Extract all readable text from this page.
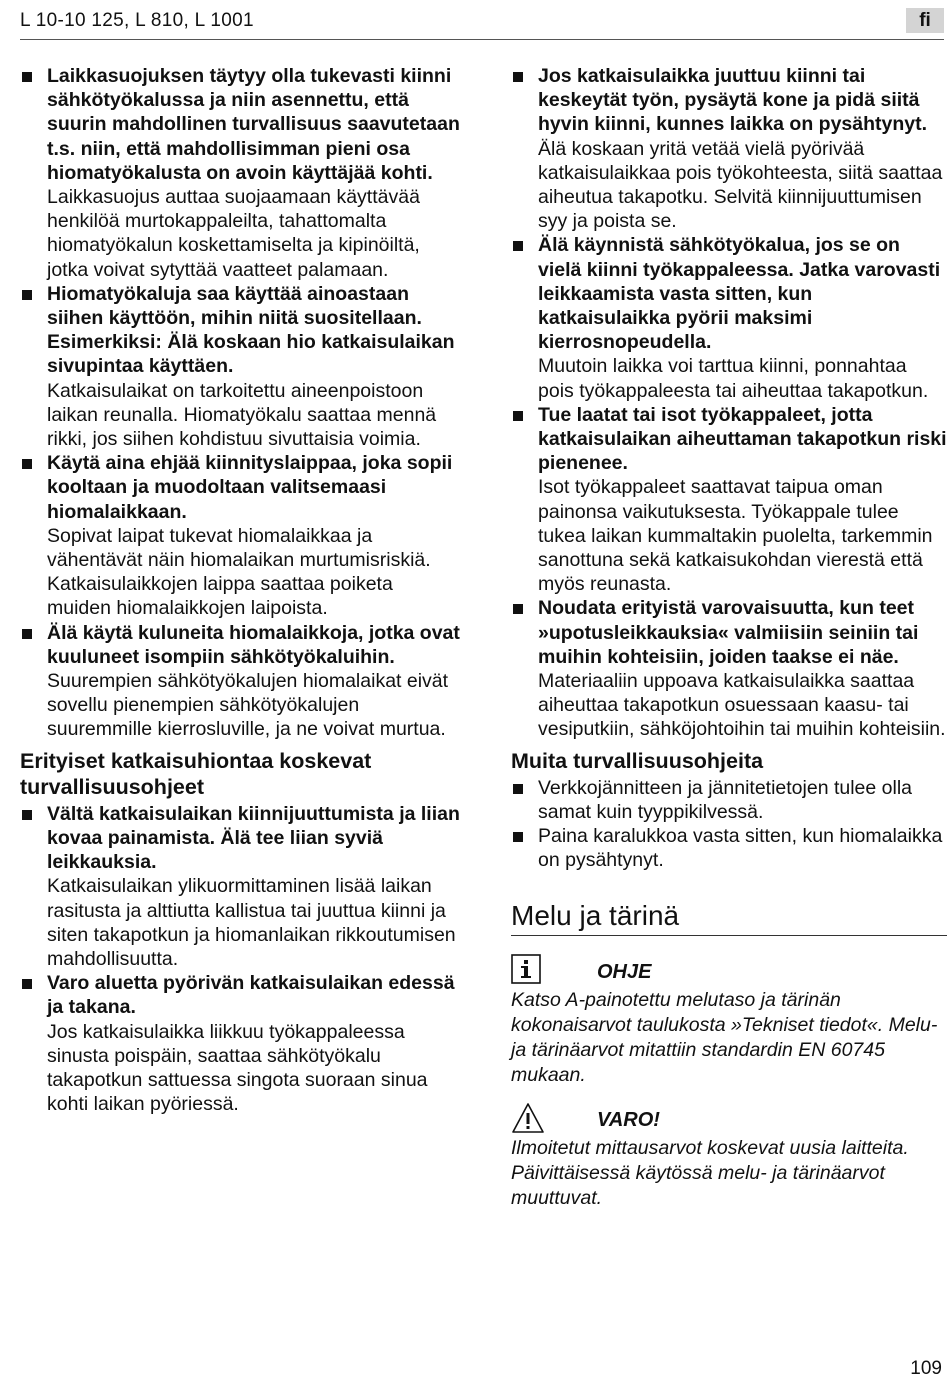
L 10-10 125, L 810, L 1001	fi
Laikkasuojuksen täytyy olla tukevasti kiinni sähkötyökalussa ja niin asennettu, että suurin mahdollinen turvallisuus saavutetaan t.s. niin, että mahdollisimman pieni osa hiomatyökalusta on avoin käyttäjää kohti.
Laikkasuojus auttaa suojaamaan käyttävää henkilöä murtokappaleilta, tahattomalta hiomatyökalun koskettamiselta ja kipinöiltä, jotka voivat sytyttää vaatteet palamaan.
Hiomatyökaluja saa käyttää ainoastaan siihen käyttöön, mihin niitä suositellaan. Esimerkiksi: Älä koskaan hio katkaisulaikan sivupintaa käyttäen.
Katkaisulaikat on tarkoitettu aineenpoistoon laikan reunalla. Hiomatyökalu saattaa mennä rikki, jos siihen kohdistuu sivuttaisia voimia.
Käytä aina ehjää kiinnityslaippaa, joka sopii kooltaan ja muodoltaan valitsemaasi hiomalaikkaan.
Sopivat laipat tukevat hiomalaikkaa ja vähentävät näin hiomalaikan murtumisriskiä. Katkaisulaikkojen laippa saattaa poiketa muiden hiomalaikkojen laipoista.
Älä käytä kuluneita hiomalaikkoja, jotka ovat kuuluneet isompiin sähkötyökaluihin.
Suurempien sähkötyökalujen hiomalaikat eivät sovellu pienempien sähkötyökalujen suuremmille kierrosluville, ja ne voivat murtua.
Erityiset katkaisuhiontaa koskevat turvallisuusohjeet
Vältä katkaisulaikan kiinnijuuttumista ja liian kovaa painamista. Älä tee liian syviä leikkauksia.
Katkaisulaikan ylikuormittaminen lisää laikan rasitusta ja alttiutta kallistua tai juuttua kiinni ja siten takapotkun ja hiomanlaikan rikkoutumisen mahdollisuutta.
Varo aluetta pyörivän katkaisulaikan edessä ja takana.
Jos katkaisulaikka liikkuu työkappaleessa sinusta poispäin, saattaa sähkötyökalu takapotkun sattuessa singota suoraan sinua kohti laikan pyöriessä.
Jos katkaisulaikka juuttuu kiinni tai keskeytät työn, pysäytä kone ja pidä siitä hyvin kiinni, kunnes laikka on pysähtynyt.
Älä koskaan yritä vetää vielä pyörivää katkaisulaikkaa pois työkohteesta, siitä saattaa aiheutua takapotku. Selvitä kiinnijuuttumisen syy ja poista se.
Älä käynnistä sähkötyökalua, jos se on vielä kiinni työkappaleessa. Jatka varovasti leikkaamista vasta sitten, kun katkaisulaikka pyörii maksimi kierrosnopeudella.
Muutoin laikka voi tarttua kiinni, ponnahtaa pois työkappaleesta tai aiheuttaa takapotkun.
Tue laatat tai isot työkappaleet, jotta katkaisulaikan aiheuttaman takapotkun riski pienenee.
Isot työkappaleet saattavat taipua oman painonsa vaikutuksesta. Työkappale tulee tukea laikan kummaltakin puolelta, tarkemmin sanottuna sekä katkaisukohdan vierestä että myös reunasta.
Noudata erityistä varovaisuutta, kun teet »upotusleikkauksia« valmiisiin seiniin tai muihin kohteisiin, joiden taakse ei näe.
Materiaaliin uppoava katkaisulaikka saattaa aiheuttaa takapotkun osuessaan kaasu- tai vesiputkiin, sähköjohtoihin tai muihin kohteisiin.
Muita turvallisuusohjeita
Verkkojännitteen ja jännitetietojen tulee olla samat kuin tyyppikilvessä.
Paina karalukkoa vasta sitten, kun hiomalaikka on pysähtynyt.
Melu ja tärinä
OHJE
Katso A-painotettu melutaso ja tärinän kokonaisarvot taulukosta »Tekniset tiedot«. Melu- ja tärinäarvot mitattiin standardin EN 60745 mukaan.
VARO!
Ilmoitetut mittausarvot koskevat uusia laitteita. Päivittäisessä käytössä melu- ja tärinäarvot muuttuvat.
109
